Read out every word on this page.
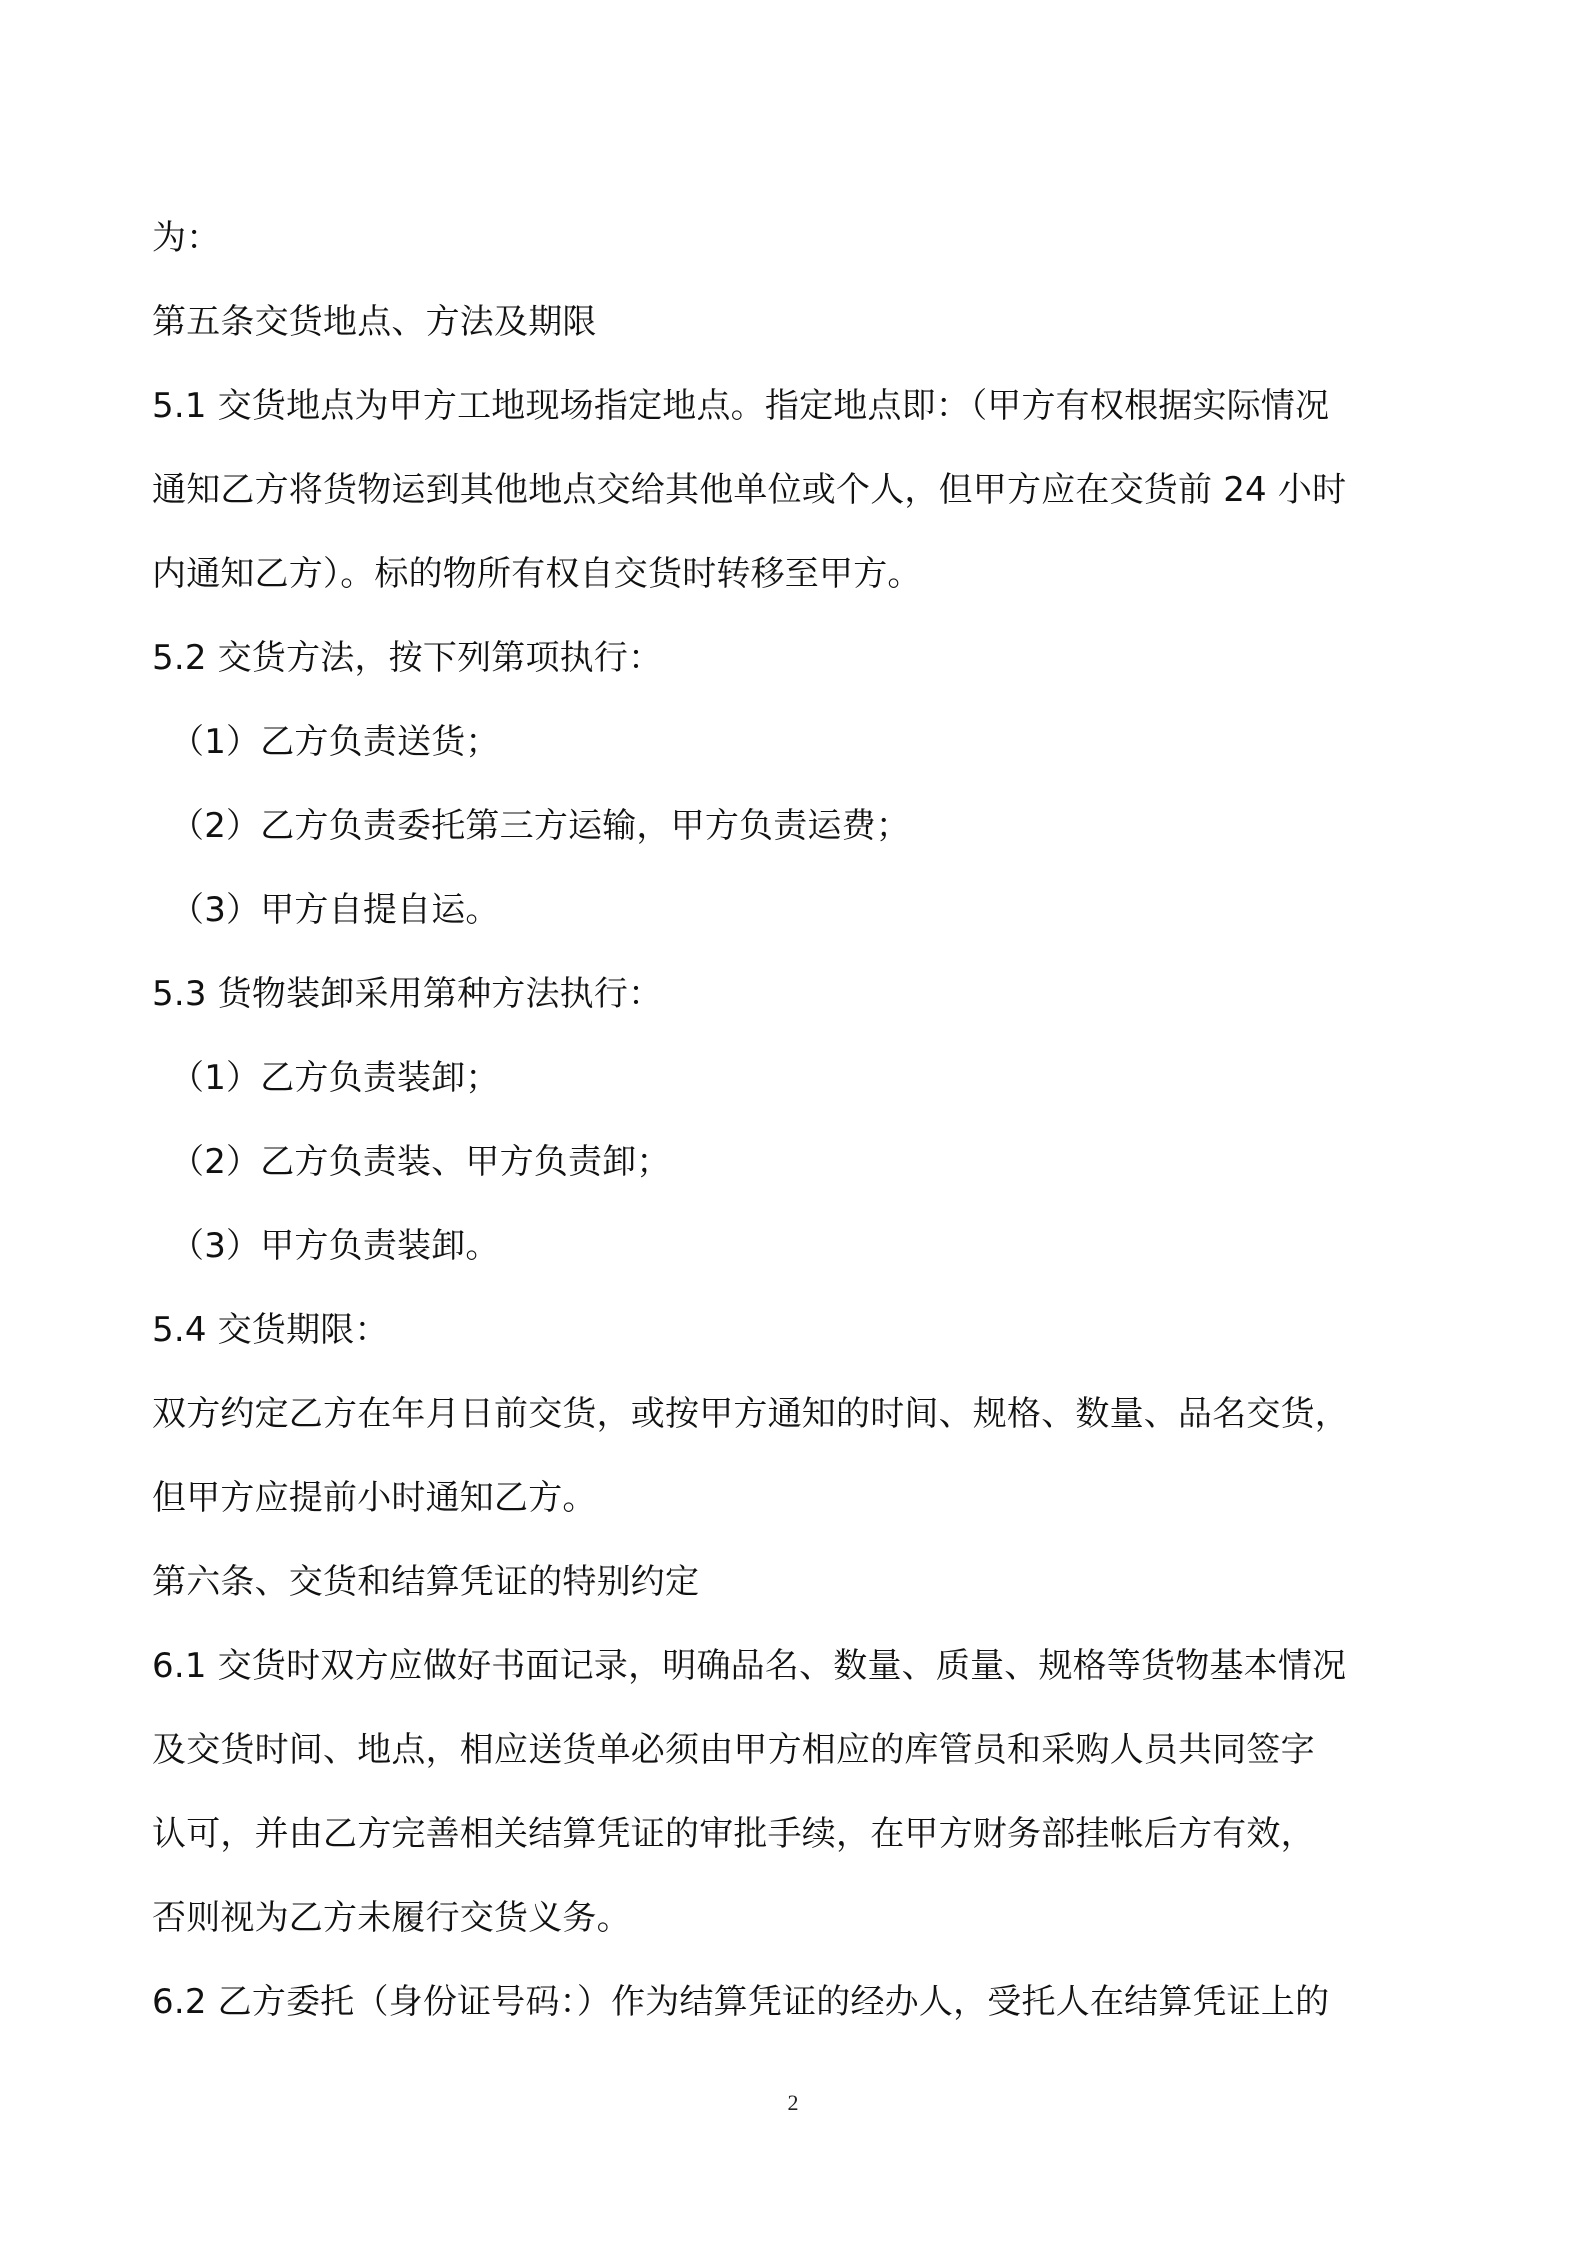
为：
第五条交货地点、方法及期限
5.1 交货地点为甲方工地现场指定地点。指定地点即：（甲方有权根据实际情况
通知乙方将货物运到其他地点交给其他单位或个人，但甲方应在交货前 24 小时
内通知乙方）。标的物所有权自交货时转移至甲方。
5.2 交货方法，按下列第项执行：
（1）乙方负责送货；
（2）乙方负责委托第三方运输，甲方负责运费；
（3）甲方自提自运。
5.3 货物装卸采用第种方法执行：
（1）乙方负责装卸；
（2）乙方负责装、甲方负责卸；
（3）甲方负责装卸。
5.4 交货期限：
双方约定乙方在年月日前交货，或按甲方通知的时间、规格、数量、品名交货，
但甲方应提前小时通知乙方。
第六条、交货和结算凭证的特别约定
6.1 交货时双方应做好书面记录，明确品名、数量、质量、规格等货物基本情况
及交货时间、地点，相应送货单必须由甲方相应的库管员和采购人员共同签字
认可，并由乙方完善相关结算凭证的审批手续，在甲方财务部挂帐后方有效，
否则视为乙方未履行交货义务。
6.2 乙方委托（身份证号码：）作为结算凭证的经办人，受托人在结算凭证上的
2
